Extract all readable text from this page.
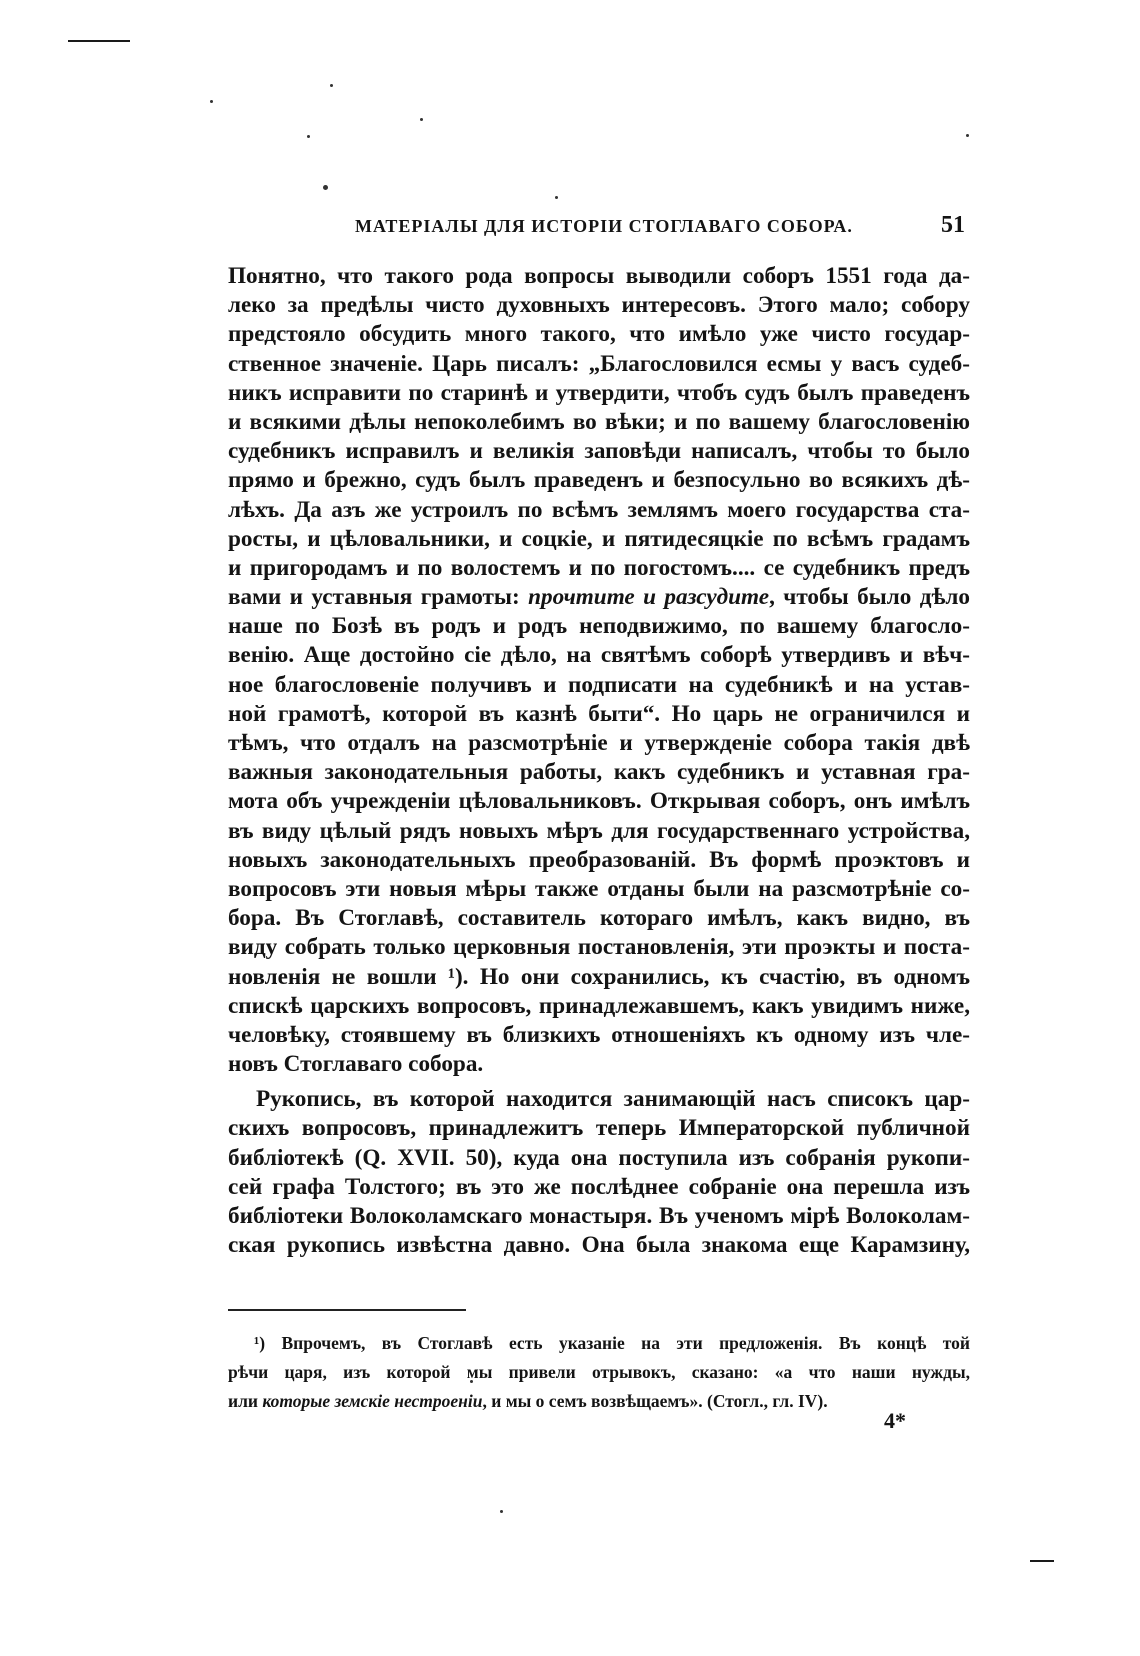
МАТЕРIАЛЫ ДЛЯ ИСТОРIИ СТОГЛАВАГО СОБОРА.	51
Понятно, что такого рода вопросы выводили соборъ 1551 года да-
леко за предѣлы чисто духовныхъ интересовъ. Этого мало; собору
предстояло обсудить много такого, что имѣло уже чисто государ-
ственное значенiе. Царь писалъ: „Благословился есмы у васъ судеб-
никъ исправити по старинѣ и утвердити, чтобъ судъ былъ праведенъ
и всякими дѣлы непоколебимъ во вѣки; и по вашему благословенiю
судебникъ исправилъ и великiя заповѣди написалъ, чтобы то было
прямо и брежно, судъ былъ праведенъ и безпосульно во всякихъ дѣ-
лѣхъ. Да азъ же устроилъ по всѣмъ землямъ моего государства ста-
росты, и цѣловальники, и соцкiе, и пятидесяцкiе по всѣмъ градамъ
и пригородамъ и по волостемъ и по погостомъ.... се судебникъ предъ
вами и уставныя грамоты: прочтите и разсудите, чтобы было дѣло
наше по Бозѣ въ родъ и родъ неподвижимо, по вашему благосло-
венiю. Аще достойно сiе дѣло, на святѣмъ соборѣ утвердивъ и вѣч-
ное благословенiе получивъ и подписати на судебникѣ и на устав-
ной грамотѣ, которой въ казнѣ быти“. Но царь не ограничился и
тѣмъ, что отдалъ на разсмотрѣнiе и утвержденiе собора такiя двѣ
важныя законодательныя работы, какъ судебникъ и уставная гра-
мота объ учрежденiи цѣловальниковъ. Открывая соборъ, онъ имѣлъ
въ виду цѣлый рядъ новыхъ мѣръ для государственнаго устройства,
новыхъ законодательныхъ преобразованiй. Въ формѣ проэктовъ и
вопросовъ эти новыя мѣры также отданы были на разсмотрѣнiе со-
бора. Въ Стоглавѣ, составитель котораго имѣлъ, какъ видно, въ
виду собрать только церковныя постановленiя, эти проэкты и поста-
новленiя не вошли ¹). Но они сохранились, къ счастiю, въ одномъ
спискѣ царскихъ вопросовъ, принадлежавшемъ, какъ увидимъ ниже,
человѣку, стоявшему въ близкихъ отношенiяхъ къ одному изъ чле-
новъ Стоглаваго собора.
Рукопись, въ которой находится занимающiй насъ списокъ цар-
скихъ вопросовъ, принадлежитъ теперь Императорской публичной
библiотекѣ (Q. XVII. 50), куда она поступила изъ собранiя рукопи-
сей графа Толстого; въ это же послѣднее собранiе она перешла изъ
библiотеки Волоколамскаго монастыря. Въ ученомъ мiрѣ Волоколам-
ская рукопись извѣстна давно. Она была знакома еще Карамзину,
¹) Впрочемъ, въ Стоглавѣ есть указанiе на эти предложенiя. Въ концѣ той
рѣчи царя, изъ которой мы привели отрывокъ, сказано: «а что наши нужды,
или которые земскiе нестроенiи, и мы о семъ возвѣщаемъ». (Стогл., гл. IV).
4*
